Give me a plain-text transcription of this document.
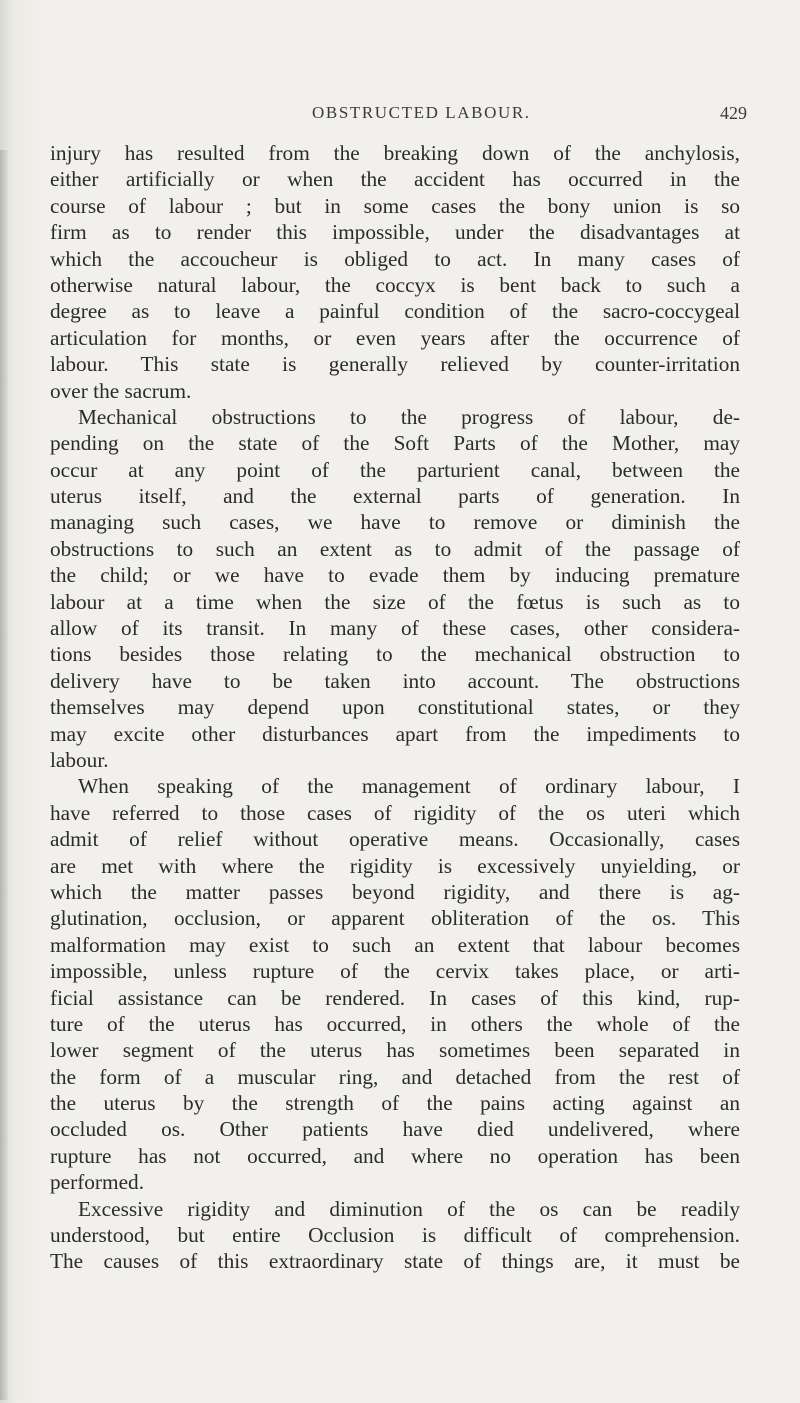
OBSTRUCTED LABOUR.	429
injury has resulted from the breaking down of the anchylosis,
either artificially or when the accident has occurred in the
course of labour ; but in some cases the bony union is so
firm as to render this impossible, under the disadvantages at
which the accoucheur is obliged to act. In many cases of
otherwise natural labour, the coccyx is bent back to such a
degree as to leave a painful condition of the sacro-coccygeal
articulation for months, or even years after the occurrence of
labour. This state is generally relieved by counter-irritation
over the sacrum.
Mechanical obstructions to the progress of labour, de-
pending on the state of the Soft Parts of the Mother, may
occur at any point of the parturient canal, between the
uterus itself, and the external parts of generation. In
managing such cases, we have to remove or diminish the
obstructions to such an extent as to admit of the passage of
the child; or we have to evade them by inducing premature
labour at a time when the size of the fœtus is such as to
allow of its transit. In many of these cases, other considera-
tions besides those relating to the mechanical obstruction to
delivery have to be taken into account. The obstructions
themselves may depend upon constitutional states, or they
may excite other disturbances apart from the impediments to
labour.
When speaking of the management of ordinary labour, I
have referred to those cases of rigidity of the os uteri which
admit of relief without operative means. Occasionally, cases
are met with where the rigidity is excessively unyielding, or
which the matter passes beyond rigidity, and there is ag-
glutination, occlusion, or apparent obliteration of the os. This
malformation may exist to such an extent that labour becomes
impossible, unless rupture of the cervix takes place, or arti-
ficial assistance can be rendered. In cases of this kind, rup-
ture of the uterus has occurred, in others the whole of the
lower segment of the uterus has sometimes been separated in
the form of a muscular ring, and detached from the rest of
the uterus by the strength of the pains acting against an
occluded os. Other patients have died undelivered, where
rupture has not occurred, and where no operation has been
performed.
Excessive rigidity and diminution of the os can be readily
understood, but entire Occlusion is difficult of comprehension.
The causes of this extraordinary state of things are, it must be
